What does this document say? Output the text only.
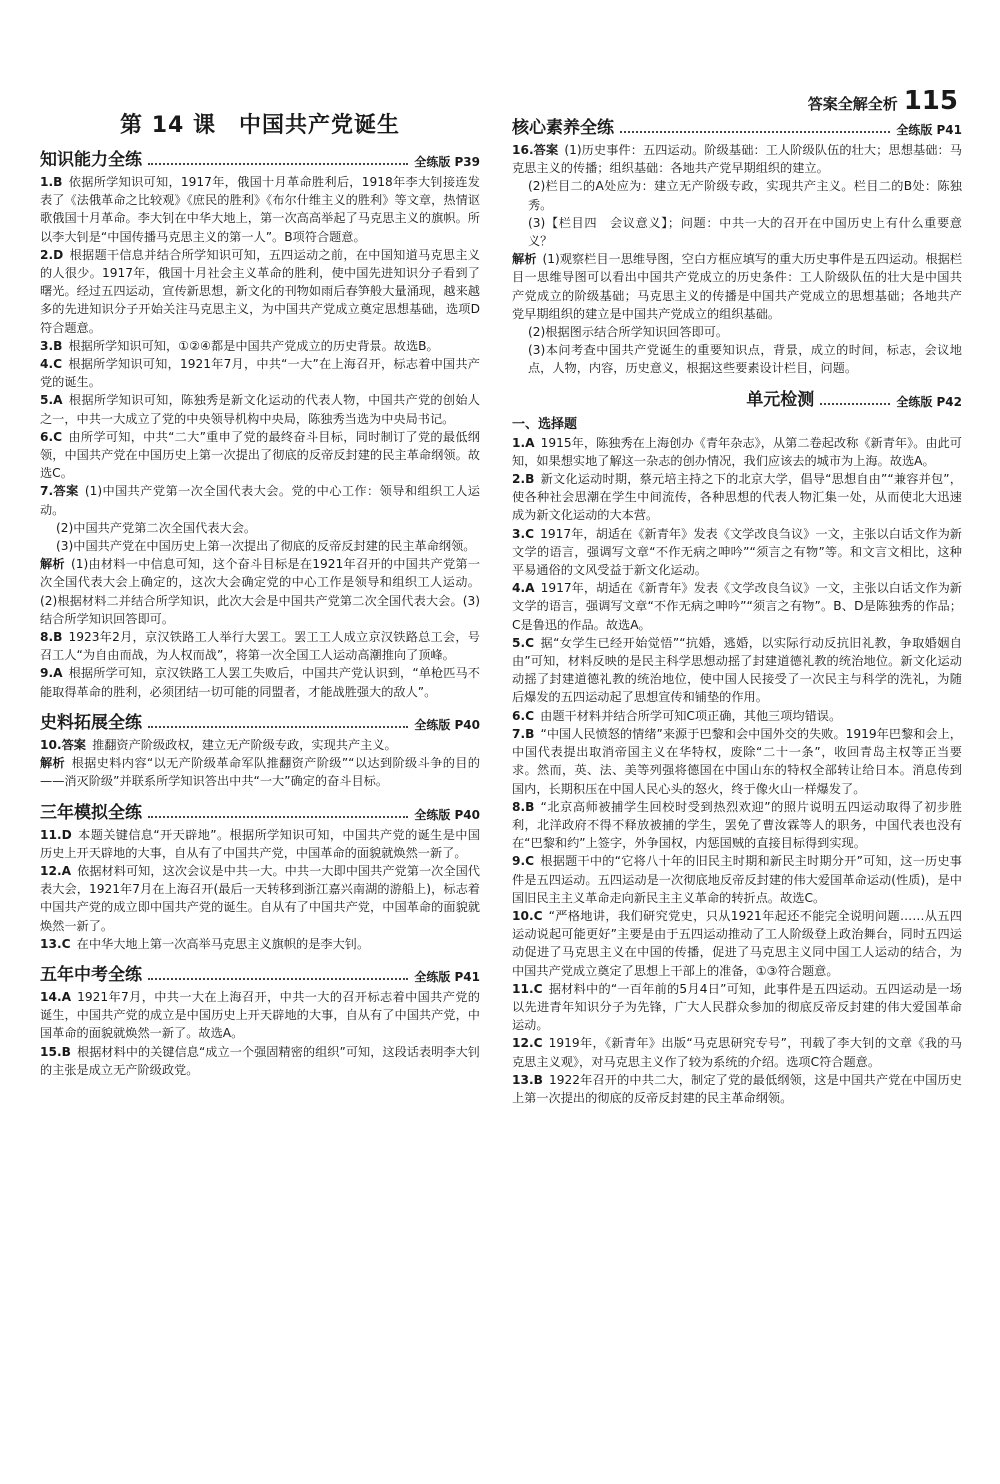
答案全解全析 115
第 14 课　中国共产党诞生
知识能力全练	全练版 P39

1.B  依据所学知识可知，1917年，俄国十月革命胜利后，1918年李大钊接连发表了《法俄革命之比较观》《庶民的胜利》《布尔什维主义的胜利》等文章，热情讴歌俄国十月革命。李大钊在中华大地上，第一次高高举起了马克思主义的旗帜。所以李大钊是“中国传播马克思主义的第一人”。B项符合题意。

2.D  根据题干信息并结合所学知识可知，五四运动之前，在中国知道马克思主义的人很少。1917年，俄国十月社会主义革命的胜利，使中国先进知识分子看到了曙光。经过五四运动，宣传新思想，新文化的刊物如雨后春笋般大量涌现，越来越多的先进知识分子开始关注马克思主义，为中国共产党成立奠定思想基础，选项D符合题意。

3.B  根据所学知识可知，①②④都是中国共产党成立的历史背景。故选B。

4.C  根据所学知识可知，1921年7月，中共“一大”在上海召开，标志着中国共产党的诞生。

5.A  根据所学知识可知，陈独秀是新文化运动的代表人物，中国共产党的创始人之一，中共一大成立了党的中央领导机构中央局，陈独秀当选为中央局书记。

6.C  由所学可知，中共“二大”重申了党的最终奋斗目标，同时制订了党的最低纲领，中国共产党在中国历史上第一次提出了彻底的反帝反封建的民主革命纲领。故选C。

7.答案  (1)中国共产党第一次全国代表大会。党的中心工作：领导和组织工人运动。

(2)中国共产党第二次全国代表大会。

(3)中国共产党在中国历史上第一次提出了彻底的反帝反封建的民主革命纲领。

解析  (1)由材料一中信息可知，这个奋斗目标是在1921年召开的中国共产党第一次全国代表大会上确定的，这次大会确定党的中心工作是领导和组织工人运动。(2)根据材料二并结合所学知识，此次大会是中国共产党第二次全国代表大会。(3)结合所学知识回答即可。

8.B  1923年2月，京汉铁路工人举行大罢工。罢工工人成立京汉铁路总工会，号召工人“为自由而战，为人权而战”，将第一次全国工人运动高潮推向了顶峰。

9.A  根据所学可知，京汉铁路工人罢工失败后，中国共产党认识到，“单枪匹马不能取得革命的胜利，必须团结一切可能的同盟者，才能战胜强大的敌人”。

史料拓展全练	全练版 P40

10.答案  推翻资产阶级政权，建立无产阶级专政，实现共产主义。

解析  根据史料内容“以无产阶级革命军队推翻资产阶级”“以达到阶级斗争的目的——消灭阶级”并联系所学知识答出中共“一大”确定的奋斗目标。

三年模拟全练	全练版 P40

11.D  本题关键信息“开天辟地”。根据所学知识可知，中国共产党的诞生是中国历史上开天辟地的大事，自从有了中国共产党，中国革命的面貌就焕然一新了。

12.A  依据材料可知，这次会议是中共一大。中共一大即中国共产党第一次全国代表大会，1921年7月在上海召开(最后一天转移到浙江嘉兴南湖的游船上)，标志着中国共产党的成立即中国共产党的诞生。自从有了中国共产党，中国革命的面貌就焕然一新了。

13.C  在中华大地上第一次高举马克思主义旗帜的是李大钊。

五年中考全练	全练版 P41

14.A  1921年7月，中共一大在上海召开，中共一大的召开标志着中国共产党的诞生，中国共产党的成立是中国历史上开天辟地的大事，自从有了中国共产党，中国革命的面貌就焕然一新了。故选A。

15.B  根据材料中的关键信息“成立一个强固精密的组织”可知，这段话表明李大钊的主张是成立无产阶级政党。

核心素养全练	全练版 P41

16.答案  (1)历史事件：五四运动。阶级基础：工人阶级队伍的壮大；思想基础：马克思主义的传播；组织基础：各地共产党早期组织的建立。

(2)栏目二的A处应为：建立无产阶级专政，实现共产主义。栏目二的B处：陈独秀。

(3)【栏目四　会议意义】；问题：中共一大的召开在中国历史上有什么重要意义？

解析  (1)观察栏目一思维导图，空白方框应填写的重大历史事件是五四运动。根据栏目一思维导图可以看出中国共产党成立的历史条件：工人阶级队伍的壮大是中国共产党成立的阶级基础；马克思主义的传播是中国共产党成立的思想基础；各地共产党早期组织的建立是中国共产党成立的组织基础。

(2)根据图示结合所学知识回答即可。

(3)本问考查中国共产党诞生的重要知识点，背景，成立的时间，标志，会议地点，人物，内容，历史意义，根据这些要素设计栏目，问题。

单元检测	全练版 P42
一、选择题

1.A  1915年，陈独秀在上海创办《青年杂志》，从第二卷起改称《新青年》。由此可知，如果想实地了解这一杂志的创办情况，我们应该去的城市为上海。故选A。

2.B  新文化运动时期，蔡元培主持之下的北京大学，倡导“思想自由”“兼容并包”，使各种社会思潮在学生中间流传，各种思想的代表人物汇集一处，从而使北大迅速成为新文化运动的大本营。

3.C  1917年，胡适在《新青年》发表《文学改良刍议》一文，主张以白话文作为新文学的语言，强调写文章“不作无病之呻吟”“须言之有物”等。和文言文相比，这种平易通俗的文风受益于新文化运动。

4.A  1917年，胡适在《新青年》发表《文学改良刍议》一文，主张以白话文作为新文学的语言，强调写文章“不作无病之呻吟”“须言之有物”。B、D是陈独秀的作品；C是鲁迅的作品。故选A。

5.C  据“女学生已经开始觉悟”“抗婚，逃婚，以实际行动反抗旧礼教，争取婚姻自由”可知，材料反映的是民主科学思想动摇了封建道德礼教的统治地位。新文化运动动摇了封建道德礼教的统治地位，使中国人民接受了一次民主与科学的洗礼，为随后爆发的五四运动起了思想宣传和铺垫的作用。

6.C  由题干材料并结合所学可知C项正确，其他三项均错误。

7.B  “中国人民愤怒的情绪”来源于巴黎和会中国外交的失败。1919年巴黎和会上，中国代表提出取消帝国主义在华特权，废除“二十一条”，收回青岛主权等正当要求。然而，英、法、美等列强将德国在中国山东的特权全部转让给日本。消息传到国内，长期积压在中国人民心头的怒火，终于像火山一样爆发了。

8.B  “北京高师被捕学生回校时受到热烈欢迎”的照片说明五四运动取得了初步胜利，北洋政府不得不释放被捕的学生，罢免了曹汝霖等人的职务，中国代表也没有在“巴黎和约”上签字，外争国权，内惩国贼的直接目标得到实现。

9.C  根据题干中的“它将八十年的旧民主时期和新民主时期分开”可知，这一历史事件是五四运动。五四运动是一次彻底地反帝反封建的伟大爱国革命运动(性质)，是中国旧民主主义革命走向新民主主义革命的转折点。故选C。

10.C  “严格地讲，我们研究党史，只从1921年起还不能完全说明问题……从五四运动说起可能更好”主要是由于五四运动推动了工人阶级登上政治舞台，同时五四运动促进了马克思主义在中国的传播，促进了马克思主义同中国工人运动的结合，为中国共产党成立奠定了思想上干部上的准备，①③符合题意。

11.C  据材料中的“一百年前的5月4日”可知，此事件是五四运动。五四运动是一场以先进青年知识分子为先锋，广大人民群众参加的彻底反帝反封建的伟大爱国革命运动。

12.C  1919年，《新青年》出版“马克思研究专号”，刊载了李大钊的文章《我的马克思主义观》，对马克思主义作了较为系统的介绍。选项C符合题意。

13.B  1922年召开的中共二大，制定了党的最低纲领，这是中国共产党在中国历史上第一次提出的彻底的反帝反封建的民主革命纲领。
